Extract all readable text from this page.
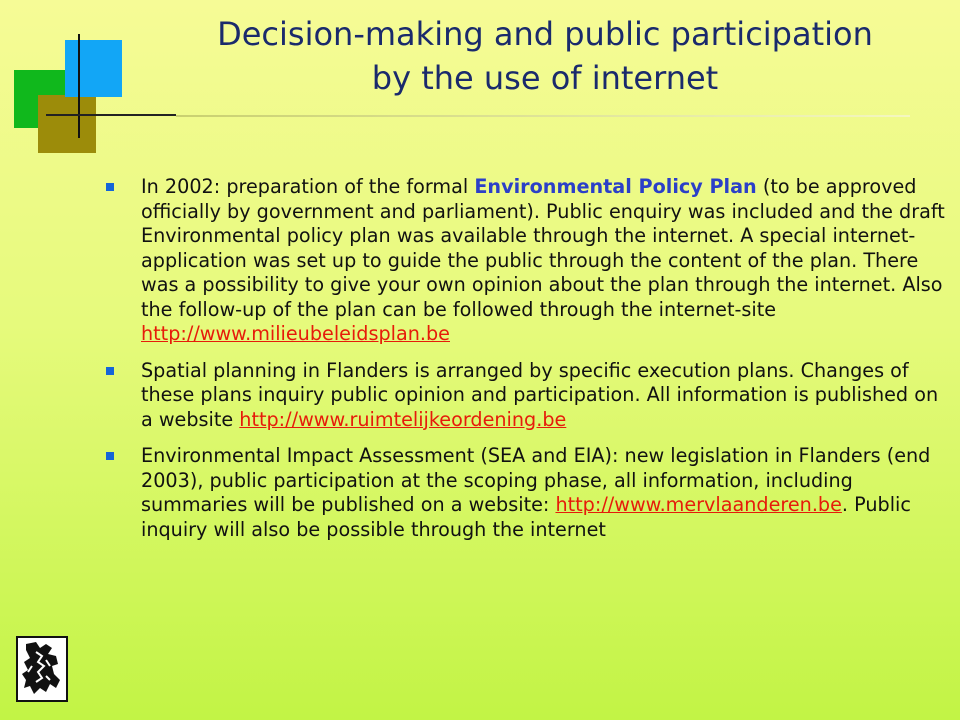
Decision-making and public participation
by the use of internet
In 2002: preparation of the formal Environmental Policy Plan (to be approved officially by government and parliament). Public enquiry was included and the draft Environmental policy plan was available through the internet. A special internet-application was set up to guide the public through the content of the plan. There was a possibility to give your own opinion about the plan through the internet. Also the follow-up of the plan can be followed through the internet-site http://www.milieubeleidsplan.be
Spatial planning in Flanders is arranged by specific execution plans. Changes of these plans inquiry public opinion and participation. All information is published on a website http://www.ruimtelijkeordening.be
Environmental Impact Assessment (SEA and EIA): new legislation in Flanders (end 2003), public participation at the scoping phase, all information, including summaries will be published on a website: http://www.mervlaanderen.be. Public inquiry will also be possible through the internet
